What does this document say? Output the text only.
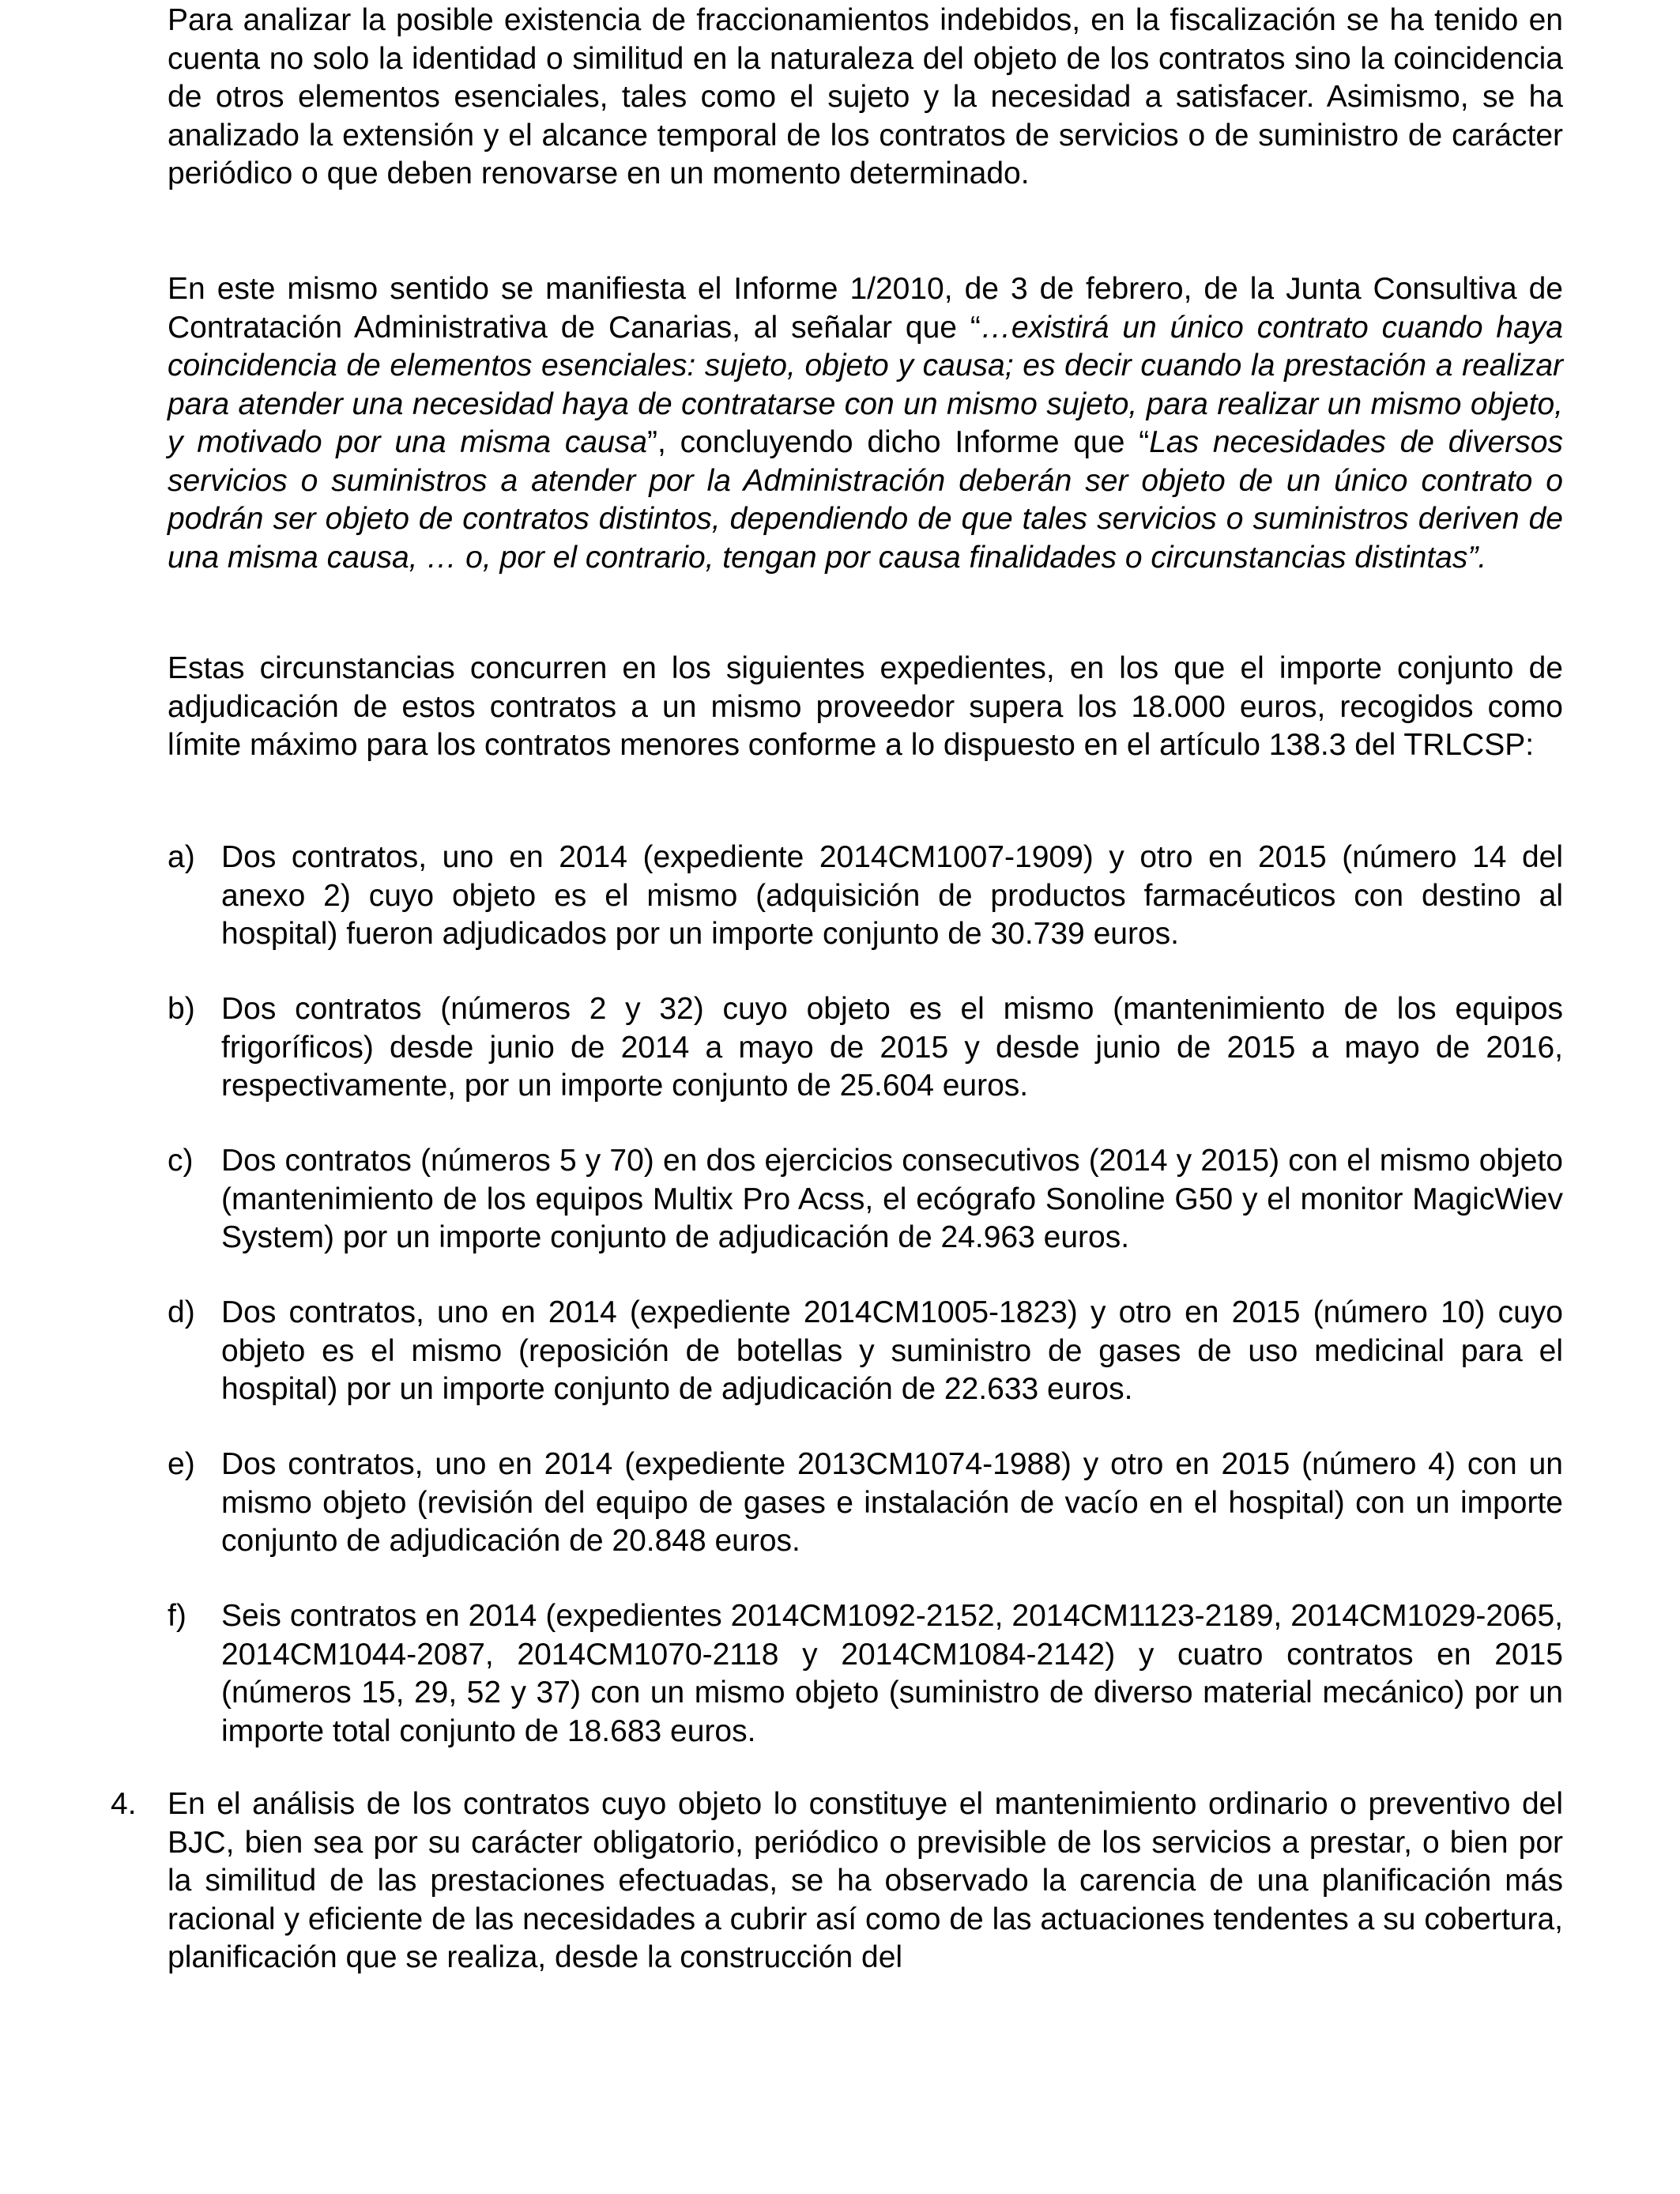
Para analizar la posible existencia de fraccionamientos indebidos, en la fiscalización se ha tenido en cuenta no solo la identidad o similitud en la naturaleza del objeto de los contratos sino la coincidencia de otros elementos esenciales, tales como el sujeto y la necesidad a satisfacer. Asimismo, se ha analizado la extensión y el alcance temporal de los contratos de servicios o de suministro de carácter periódico o que deben renovarse en un momento determinado.

En este mismo sentido se manifiesta el Informe 1/2010, de 3 de febrero, de la Junta Consultiva de Contratación Administrativa de Canarias, al señalar que “…existirá un único contrato cuando haya coincidencia de elementos esenciales: sujeto, objeto y causa; es decir cuando la prestación a realizar para atender una necesidad haya de contratarse con un mismo sujeto, para realizar un mismo objeto, y motivado por una misma causa”, concluyendo dicho Informe que “Las necesidades de diversos servicios o suministros a atender por la Administración deberán ser objeto de un único contrato o podrán ser objeto de contratos distintos, dependiendo de que tales servicios o suministros deriven de una misma causa, … o, por el contrario, tengan por causa finalidades o circunstancias distintas”.

Estas circunstancias concurren en los siguientes expedientes, en los que el importe conjunto de adjudicación de estos contratos a un mismo proveedor supera los 18.000 euros, recogidos como límite máximo para los contratos menores conforme a lo dispuesto en el artículo 138.3 del TRLCSP:

a) Dos contratos, uno en 2014 (expediente 2014CM1007-1909) y otro en 2015 (número 14 del anexo 2) cuyo objeto es el mismo (adquisición de productos farmacéuticos con destino al hospital) fueron adjudicados por un importe conjunto de 30.739 euros.
b) Dos contratos (números 2 y 32) cuyo objeto es el mismo (mantenimiento de los equipos frigoríficos) desde junio de 2014 a mayo de 2015 y desde junio de 2015 a mayo de 2016, respectivamente, por un importe conjunto de 25.604 euros.
c) Dos contratos (números 5 y 70) en dos ejercicios consecutivos (2014 y 2015) con el mismo objeto (mantenimiento de los equipos Multix Pro Acss, el ecógrafo Sonoline G50 y el monitor MagicWiev System) por un importe conjunto de adjudicación de 24.963 euros.
d) Dos contratos, uno en 2014 (expediente 2014CM1005-1823) y otro en 2015 (número 10) cuyo objeto es el mismo (reposición de botellas y suministro de gases de uso medicinal para el hospital) por un importe conjunto de adjudicación de 22.633 euros.
e) Dos contratos, uno en 2014 (expediente 2013CM1074-1988) y otro en 2015 (número 4) con un mismo objeto (revisión del equipo de gases e instalación de vacío en el hospital) con un importe conjunto de adjudicación de 20.848 euros.
f)	Seis contratos en 2014 (expedientes 2014CM1092-2152, 2014CM1123-2189, 2014CM1029-2065, 2014CM1044-2087, 2014CM1070-2118 y 2014CM1084-2142) y cuatro contratos en 2015 (números 15, 29, 52 y 37) con un mismo objeto (suministro de diverso material mecánico) por un importe total conjunto de 18.683 euros.
4.	En el análisis de los contratos cuyo objeto lo constituye el mantenimiento ordinario o preventivo del BJC, bien sea por su carácter obligatorio, periódico o previsible de los servicios a prestar, o bien por la similitud de las prestaciones efectuadas, se ha observado la carencia de una planificación más racional y eficiente de las necesidades a cubrir así como de las actuaciones tendentes a su cobertura, planificación que se realiza, desde la construcción del
